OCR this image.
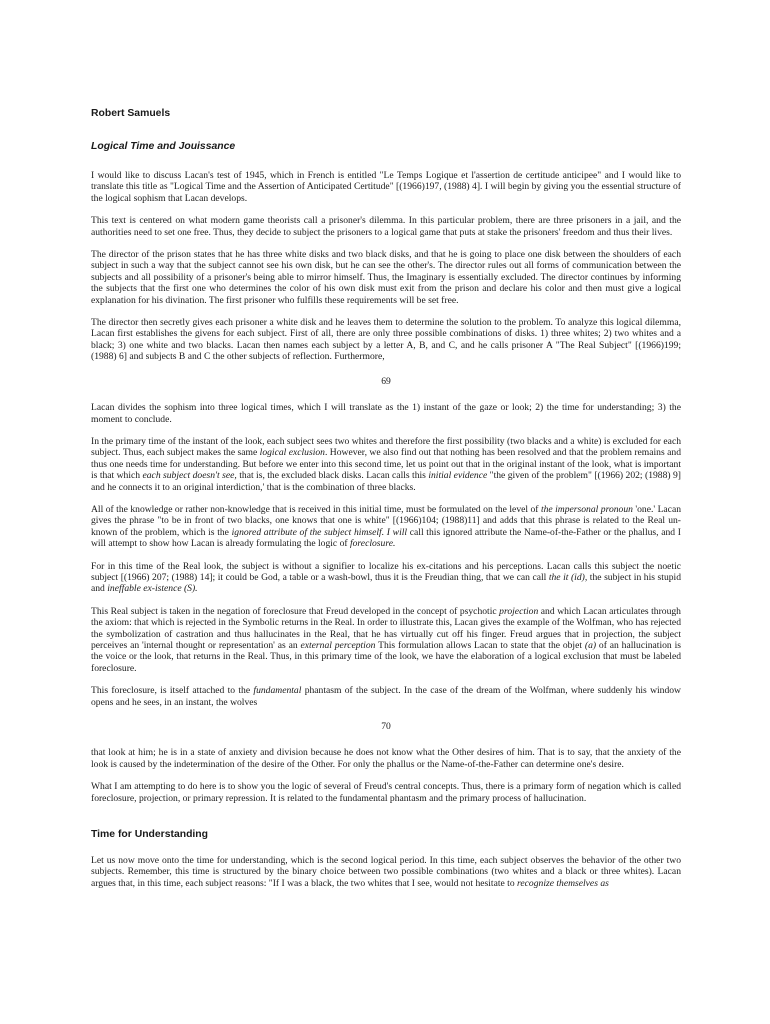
Robert Samuels
Logical Time and Jouissance

I would like to discuss Lacan's test of 1945, which in French is entitled "Le Temps Logique et l'assertion de certitude anticipee" and I would like to translate this title as "Logical Time and the Assertion of Anticipated Certitude" [(1966)197, (1988) 4]. I will begin by giving you the essential structure of the logical sophism that Lacan develops.

This text is centered on what modern game theorists call a prisoner's dilemma. In this particular problem, there are three prisoners in a jail, and the authorities need to set one free. Thus, they decide to subject the prisoners to a logical game that puts at stake the prisoners' freedom and thus their lives.

The director of the prison states that he has three white disks and two black disks, and that he is going to place one disk between the shoulders of each subject in such a way that the subject cannot see his own disk, but he can see the other's. The director rules out all forms of communication between the subjects and all possibility of a prisoner's being able to mirror himself. Thus, the Imaginary is essentially excluded. The director continues by informing the subjects that the first one who determines the color of his own disk must exit from the prison and declare his color and then must give a logical explanation for his divination. The first prisoner who fulfills these requirements will be set free.

The director then secretly gives each prisoner a white disk and he leaves them to determine the solution to the problem. To analyze this logical dilemma, Lacan first establishes the givens for each subject. First of all, there are only three possible combinations of disks. 1) three whites; 2) two whites and a black; 3) one white and two blacks. Lacan then names each subject by a letter A, B, and C, and he calls prisoner A "The Real Subject" [(1966)199; (1988) 6] and subjects B and C the other subjects of reflection. Furthermore,

69

Lacan divides the sophism into three logical times, which I will translate as the 1) instant of the gaze or look; 2) the time for understanding; 3) the moment to conclude.

In the primary time of the instant of the look, each subject sees two whites and therefore the first possibility (two blacks and a white) is excluded for each subject. Thus, each subject makes the same logical exclusion. However, we also find out that nothing has been resolved and that the problem remains and thus one needs time for understanding. But before we enter into this second time, let us point out that in the original instant of the look, what is important is that which each subject doesn't see, that is, the excluded black disks. Lacan calls this initial evidence "the given of the problem" [(1966) 202; (1988) 9] and he connects it to an original interdiction,' that is the combination of three blacks.

All of the knowledge or rather non-knowledge that is received in this initial time, must be formulated on the level of the impersonal pronoun 'one.' Lacan gives the phrase "to be in front of two blacks, one knows that one is white" [(1966)104; (1988)11] and adds that this phrase is related to the Real un-known of the problem, which is the ignored attribute of the subject himself. I will call this ignored attribute the Name-of-the-Father or the phallus, and I will attempt to show how Lacan is already formulating the logic of foreclosure.

For in this time of the Real look, the subject is without a signifier to localize his ex-citations and his perceptions. Lacan calls this subject the noetic subject [(1966) 207; (1988) 14]; it could be God, a table or a wash-bowl, thus it is the Freudian thing, that we can call the it (id), the subject in his stupid and ineffable ex-istence (S).

This Real subject is taken in the negation of foreclosure that Freud developed in the concept of psychotic projection and which Lacan articulates through the axiom: that which is rejected in the Symbolic returns in the Real. In order to illustrate this, Lacan gives the example of the Wolfman, who has rejected the symbolization of castration and thus hallucinates in the Real, that he has virtually cut off his finger. Freud argues that in projection, the subject perceives an 'internal thought or representation' as an external perception This formulation allows Lacan to state that the objet (a) of an hallucination is the voice or the look, that returns in the Real. Thus, in this primary time of the look, we have the elaboration of a logical exclusion that must be labeled foreclosure.

This foreclosure, is itself attached to the fundamental phantasm of the subject. In the case of the dream of the Wolfman, where suddenly his window opens and he sees, in an instant, the wolves

70

that look at him; he is in a state of anxiety and division because he does not know what the Other desires of him. That is to say, that the anxiety of the look is caused by the indetermination of the desire of the Other. For only the phallus or the Name-of-the-Father can determine one's desire.

What I am attempting to do here is to show you the logic of several of Freud's central concepts. Thus, there is a primary form of negation which is called foreclosure, projection, or primary repression. It is related to the fundamental phantasm and the primary process of hallucination.

Time for Understanding

Let us now move onto the time for understanding, which is the second logical period. In this time, each subject observes the behavior of the other two subjects. Remember, this time is structured by the binary choice between two possible combinations (two whites and a black or three whites). Lacan argues that, in this time, each subject reasons: "If I was a black, the two whites that I see, would not hesitate to recognize themselves as
